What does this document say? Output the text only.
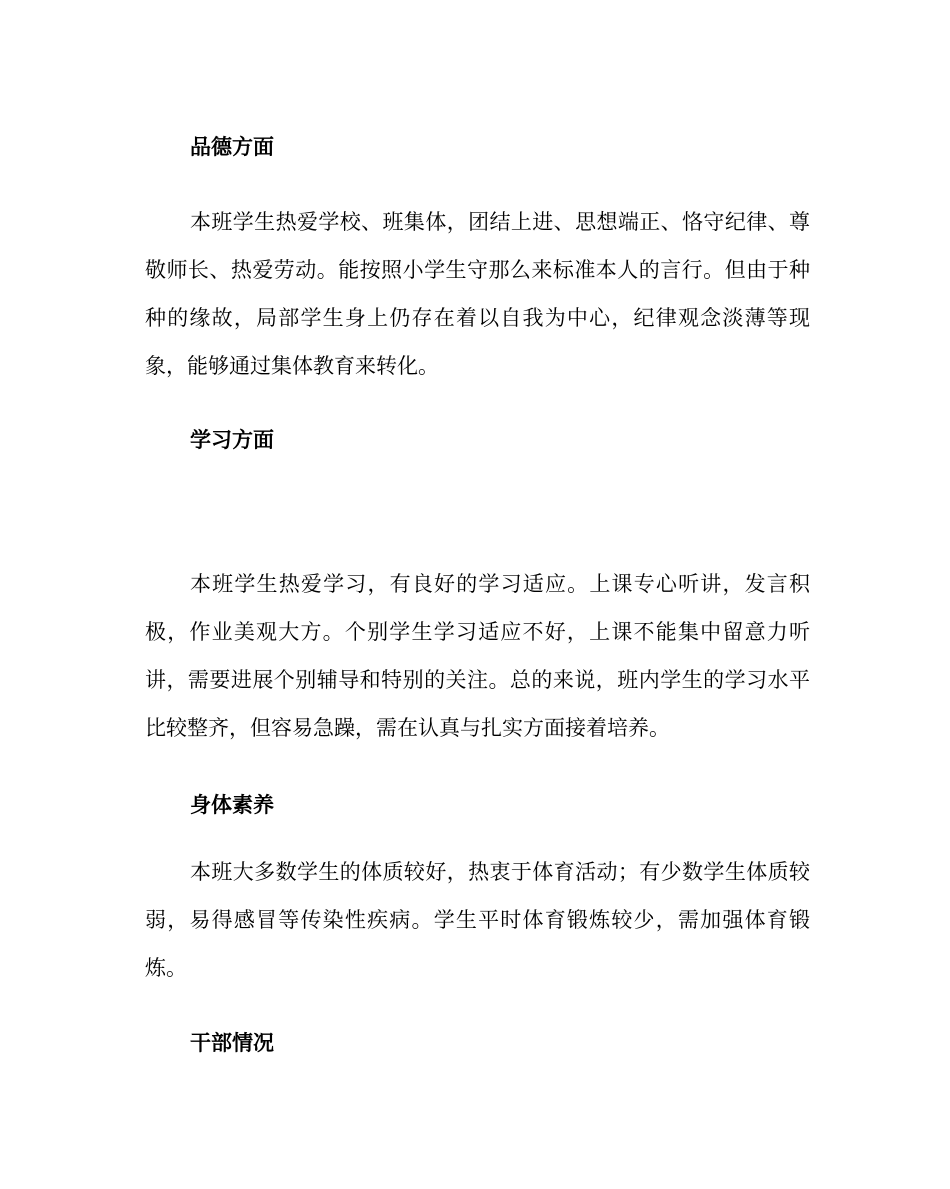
品德方面

本班学生热爱学校、班集体，团结上进、思想端正、恪守纪律、尊敬师长、热爱劳动。能按照小学生守那么来标准本人的言行。但由于种种的缘故，局部学生身上仍存在着以自我为中心，纪律观念淡薄等现象，能够通过集体教育来转化。

学习方面

本班学生热爱学习，有良好的学习适应。上课专心听讲，发言积极，作业美观大方。个别学生学习适应不好，上课不能集中留意力听讲，需要进展个别辅导和特别的关注。总的来说，班内学生的学习水平比较整齐，但容易急躁，需在认真与扎实方面接着培养。

身体素养

本班大多数学生的体质较好，热衷于体育活动；有少数学生体质较弱，易得感冒等传染性疾病。学生平时体育锻炼较少，需加强体育锻炼。

干部情况
